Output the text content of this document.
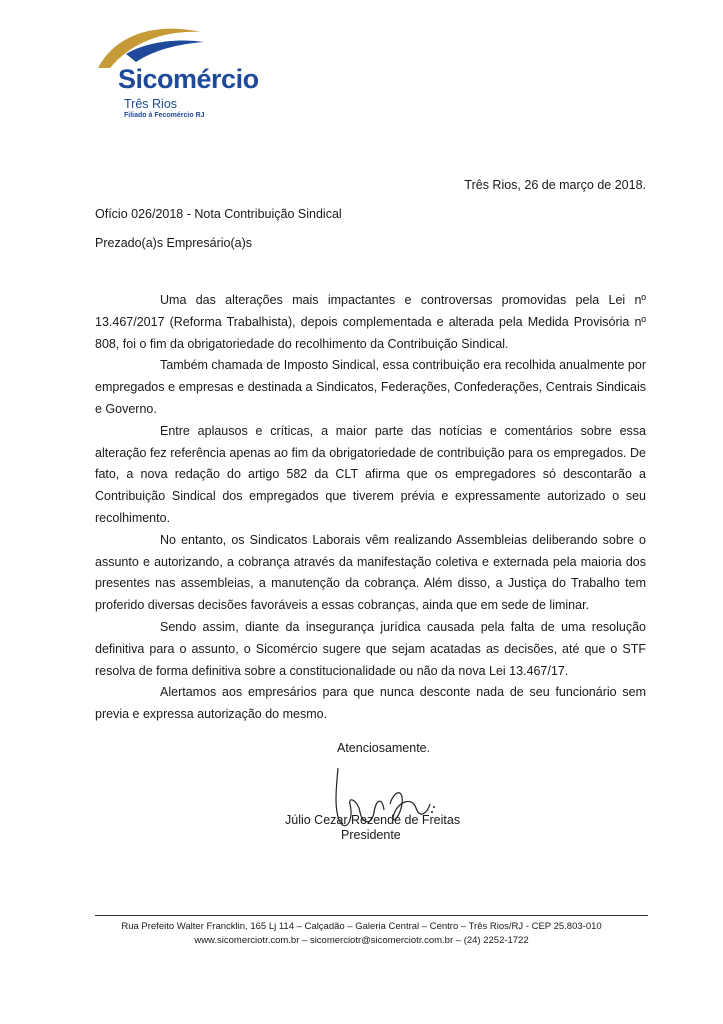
Sicomércio
Três Rios
Filiado à Fecomércio RJ
Três Rios, 26 de março de 2018.
Ofício 026/2018 - Nota Contribuição Sindical
Prezado(a)s Empresário(a)s

Uma das alterações mais impactantes e controversas promovidas pela Lei nº 13.467/2017 (Reforma Trabalhista), depois complementada e alterada pela Medida Provisória nº 808, foi o fim da obrigatoriedade do recolhimento da Contribuição Sindical.

Também chamada de Imposto Sindical, essa contribuição era recolhida anualmente por empregados e empresas e destinada a Sindicatos, Federações, Confederações, Centrais Sindicais e Governo.

Entre aplausos e críticas, a maior parte das notícias e comentários sobre essa alteração fez referência apenas ao fim da obrigatoriedade de contribuição para os empregados. De fato, a nova redação do artigo 582 da CLT afirma que os empregadores só descontarão a Contribuição Sindical dos empregados que tiverem prévia e expressamente autorizado o seu recolhimento.

No entanto, os Sindicatos Laborais vêm realizando Assembleias deliberando sobre o assunto e autorizando, a cobrança através da manifestação coletiva e externada pela maioria dos presentes nas assembleias, a manutenção da cobrança. Além disso, a Justiça do Trabalho tem proferido diversas decisões favoráveis a essas cobranças, ainda que em sede de liminar.

Sendo assim, diante da insegurança jurídica causada pela falta de uma resolução definitiva para o assunto, o Sicomércio sugere que sejam acatadas as decisões, até que o STF resolva de forma definitiva sobre a constitucionalidade ou não da nova Lei 13.467/17.

Alertamos aos empresários para que nunca desconte nada de seu funcionário sem previa e expressa autorização do mesmo.

Atenciosamente.
Júlio Cezar Rezende de Freitas
Presidente
Rua Prefeito Walter Francklin, 165 Lj 114 – Calçadão – Galeria Central – Centro – Três Rios/RJ - CEP 25.803-010
www.sicomerciotr.com.br – sicomerciotr@sicomerciotr.com.br – (24) 2252-1722
